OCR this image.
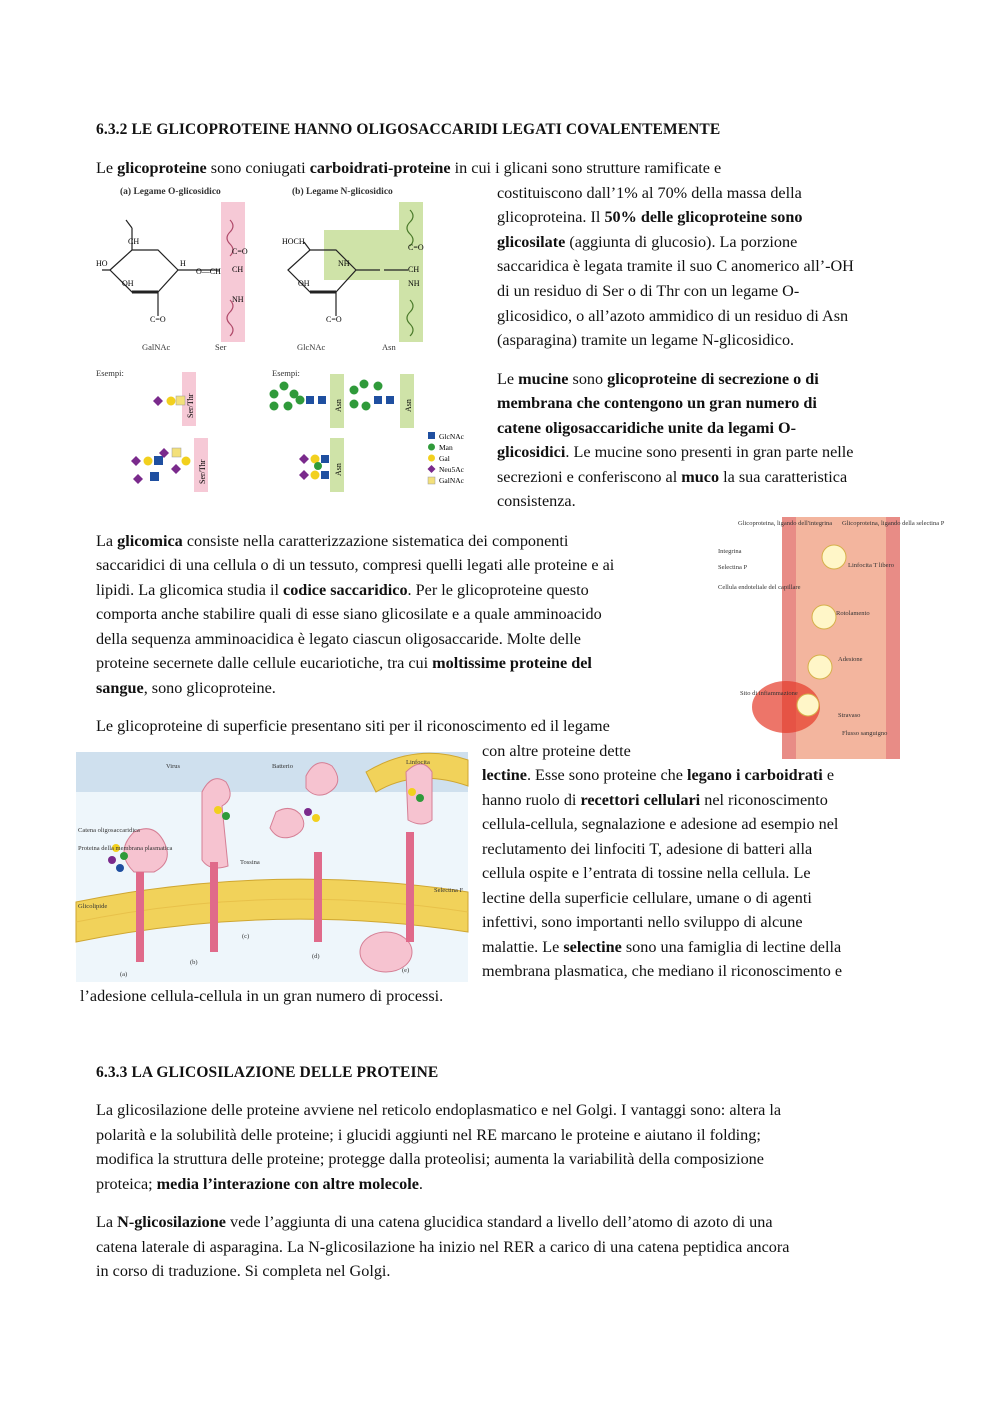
6.3.2 LE GLICOPROTEINE HANNO OLIGOSACCARIDI LEGATI COVALENTEMENTE
Le glicoproteine sono coniugati carboidrati-proteine in cui i glicani sono strutture ramificate e
costituiscono dall’1% al 70% della massa della
glicoproteina. Il 50% delle glicoproteine sono
glicosilate (aggiunta di glucosio). La porzione
saccaridica è legata tramite il suo C anomerico all’-OH
di un residuo di Ser o di Thr con un legame O-
glicosidico, o all’azoto ammidico di un residuo di Asn
(asparagina) tramite un legame N-glicosidico.
Le mucine sono glicoproteine di secrezione o di
membrana che contengono un gran numero di
catene oligosaccaridiche unite da legami O-
glicosidici. Le mucine sono presenti in gran parte nelle
secrezioni e conferiscono al muco la sua caratteristica
consistenza.
La glicomica consiste nella caratterizzazione sistematica dei componenti
saccaridici di una cellula o di un tessuto, compresi quelli legati alle proteine e ai
lipidi. La glicomica studia il codice saccaridico. Per le glicoproteine questo
comporta anche stabilire quali di esse siano glicosilate e a quale amminoacido
della sequenza amminoacidica è legato ciascun oligosaccaride. Molte delle
proteine secernete dalle cellule eucariotiche, tra cui moltissime proteine del
sangue, sono glicoproteine.
Le glicoproteine di superficie presentano siti per il riconoscimento ed il legame
con altre proteine dette
lectine. Esse sono proteine che legano i carboidrati e
hanno ruolo di recettori cellulari nel riconoscimento
cellula-cellula, segnalazione e adesione ad esempio nel
reclutamento dei linfociti T, adesione di batteri alla
cellula ospite e l’entrata di tossine nella cellula. Le
lectine della superficie cellulare, umane o di agenti
infettivi, sono importanti nello sviluppo di alcune
malattie. Le selectine sono una famiglia di lectine della
membrana plasmatica, che mediano il riconoscimento e
l’adesione cellula-cellula in un gran numero di processi.
6.3.3 LA GLICOSILAZIONE DELLE PROTEINE
La glicosilazione delle proteine avviene nel reticolo endoplasmatico e nel Golgi. I vantaggi sono: altera la
polarità e la solubilità delle proteine; i glucidi aggiunti nel RE marcano le proteine e aiutano il folding;
modifica la struttura delle proteine; protegge dalla proteolisi; aumenta la variabilità della composizione
proteica; media l’interazione con altre molecole.
La N-glicosilazione vede l’aggiunta di una catena glucidica standard a livello dell’atomo di azoto di una
catena laterale di asparagina. La N-glicosilazione ha inizio nel RER a carico di una catena peptidica ancora
in corso di traduzione. Si completa nel Golgi.
(a) Legame O-glicosidico	(b) Legame N-glicosidico
CH
HO
OH
H
C=O
O—CH CH
NH
C=O
GalNAc	Ser
HOCH
OH
NH
C=O
CH
C=O
NH
GlcNAc	Asn
Esempi:	Esempi:
Ser/Thr
Ser/Thr
Asn	Asn
Asn
GlcNAc
Man
Gal
Neu5Ac
GalNAc
Glicoproteina, ligando dell'integrina Glicoproteina, ligando della selectina P
Integrina
Selectina P	Linfocita T libero
Cellula endoteliale del capillare
Rotolamento
Adesione
Sito di infiammazione
Stravaso
Flusso sanguigno
Virus	Batterio
Linfocita
Catena oligosaccaridica
Proteina della membrana plasmatica
Glicolipide
Tossina
Selectina F
(a)
(b)
(c)
(d)
(e)
